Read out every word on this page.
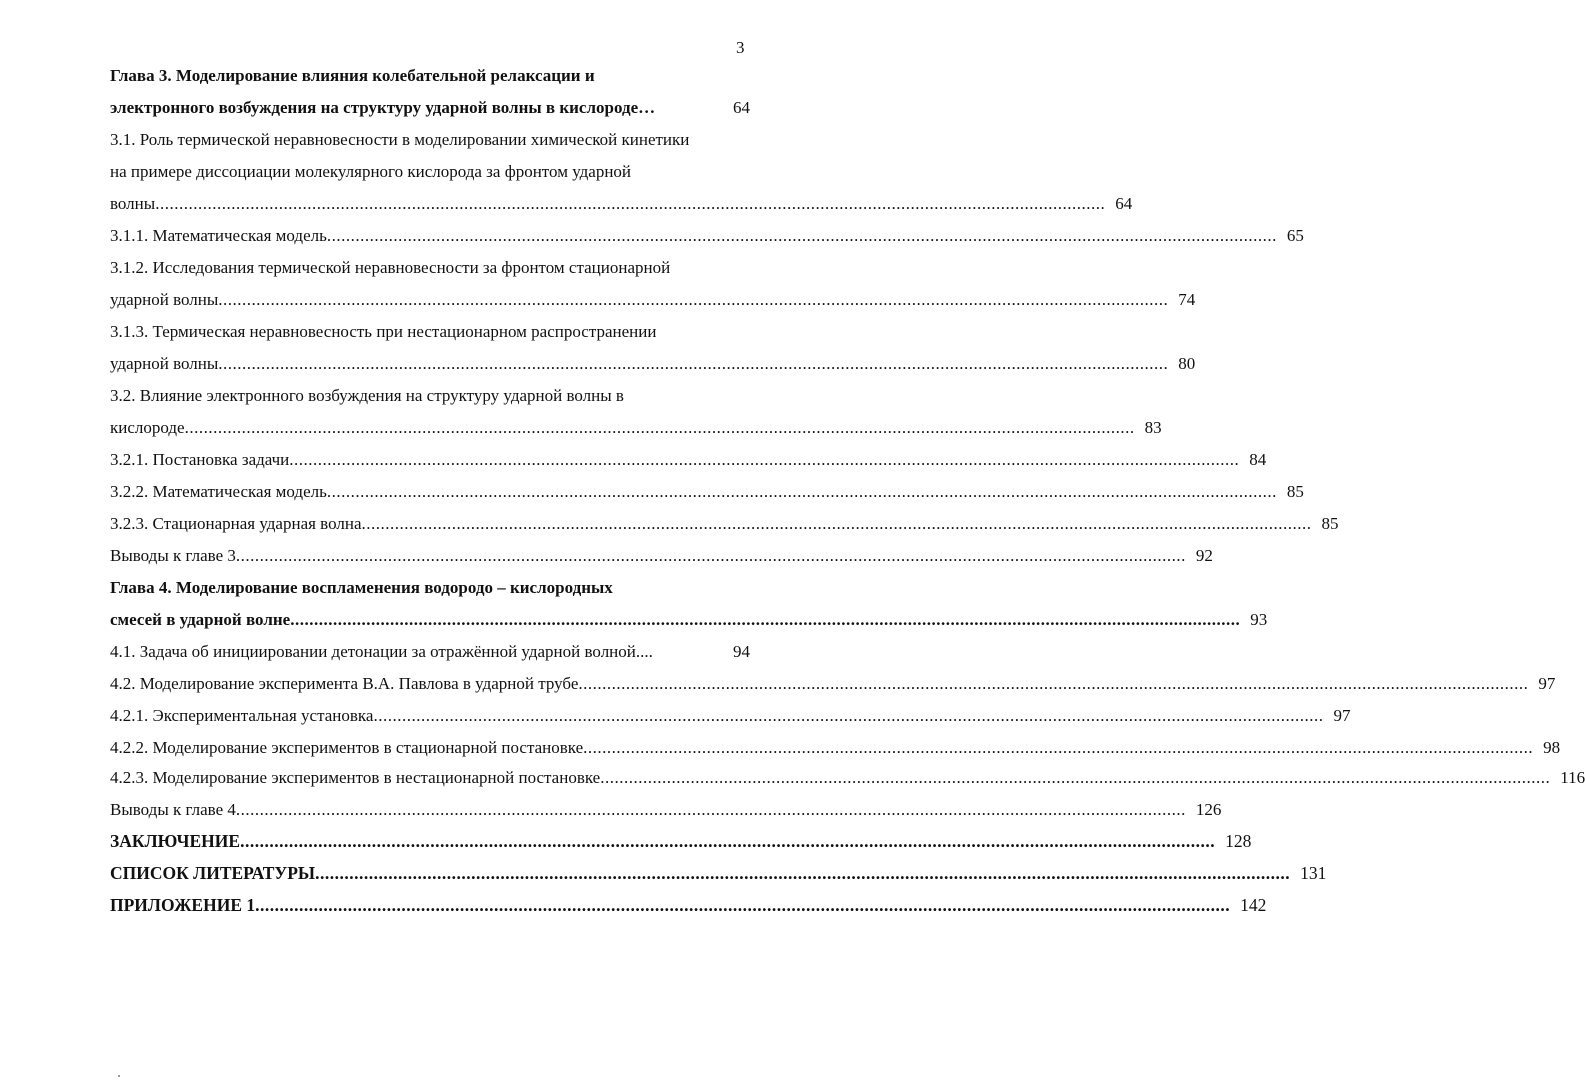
3
Глава 3. Моделирование влияния колебательной релаксации и
электронного возбуждения на структуру ударной волны в кислороде…	64
3.1. Роль термической неравновесности в моделировании химической кинетики
на примере диссоциации молекулярного кислорода за фронтом ударной
волны ........................................................................................................................................................................................................ 64
3.1.1. Математическая модель ........................................................................................................................................................................................................ 65
3.1.2. Исследования термической неравновесности за фронтом стационарной
ударной волны ........................................................................................................................................................................................................ 74
3.1.3. Термическая неравновесность при нестационарном распространении
ударной волны ........................................................................................................................................................................................................ 80
3.2. Влияние электронного возбуждения на структуру ударной волны в
кислороде ........................................................................................................................................................................................................ 83
3.2.1. Постановка задачи ........................................................................................................................................................................................................ 84
3.2.2. Математическая модель ........................................................................................................................................................................................................ 85
3.2.3. Стационарная ударная волна ........................................................................................................................................................................................................ 85
Выводы к главе 3 ........................................................................................................................................................................................................ 92
Глава 4. Моделирование воспламенения водородо – кислородных
смесей в ударной волне ........................................................................................................................................................................................................ 93
4.1. Задача об инициировании детонации за отражённой ударной волной....	94
4.2. Моделирование эксперимента В.А. Павлова в ударной трубе ........................................................................................................................................................................................................ 97
4.2.1. Экспериментальная установка ........................................................................................................................................................................................................ 97
4.2.2. Моделирование экспериментов в стационарной постановке ........................................................................................................................................................................................................ 98
4.2.3. Моделирование экспериментов в нестационарной постановке ........................................................................................................................................................................................................ 116
Выводы к главе 4 ........................................................................................................................................................................................................ 126
ЗАКЛЮЧЕНИЕ ........................................................................................................................................................................................................ 128
СПИСОК ЛИТЕРАТУРЫ ........................................................................................................................................................................................................ 131
ПРИЛОЖЕНИЕ 1 ........................................................................................................................................................................................................ 142
